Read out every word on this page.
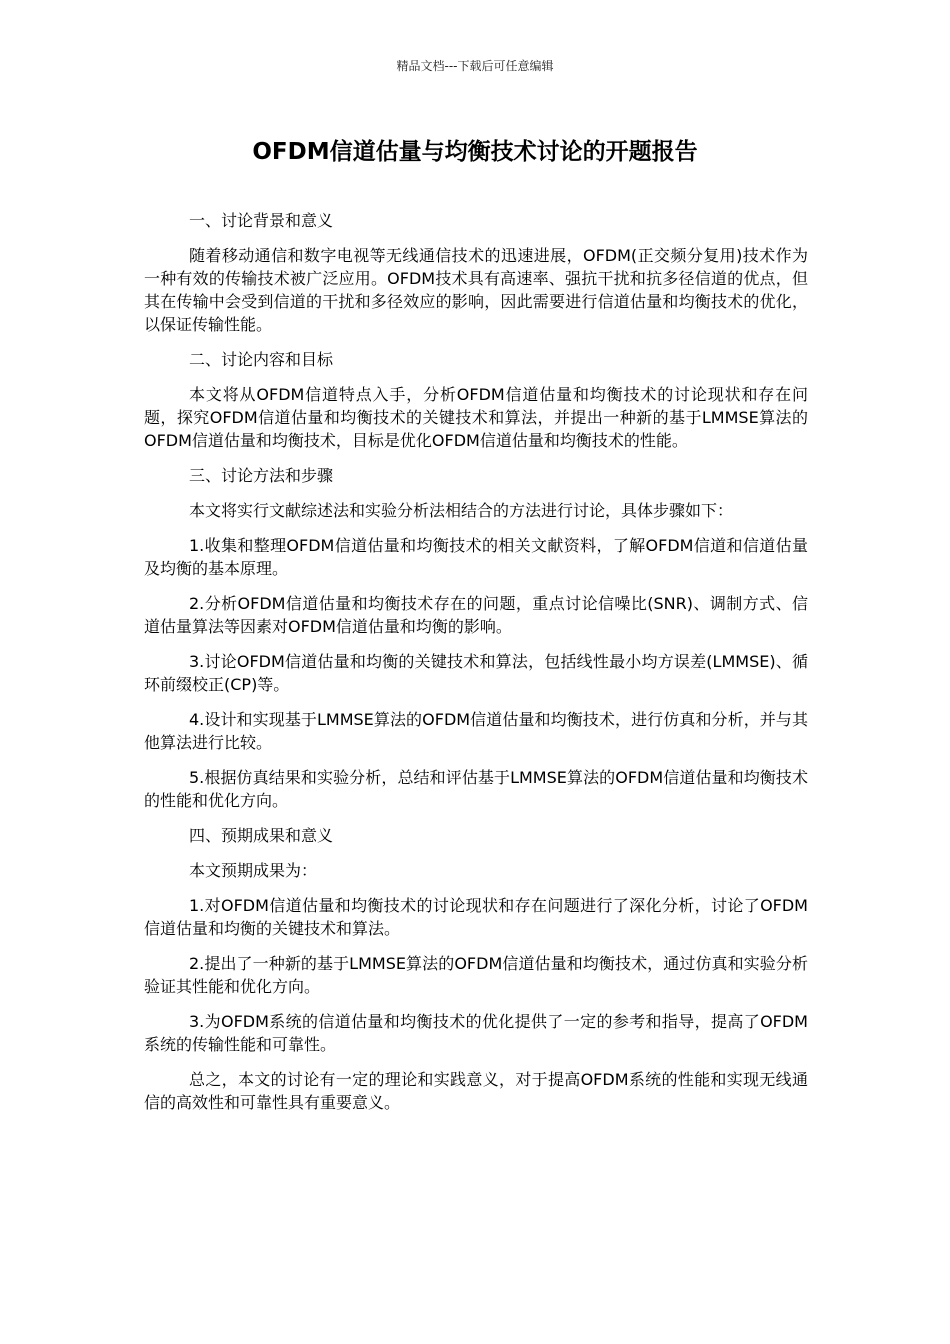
精品文档---下载后可任意编辑
OFDM信道估量与均衡技术讨论的开题报告

一、讨论背景和意义

随着移动通信和数字电视等无线通信技术的迅速进展，OFDM(正交频分复用)技术作为一种有效的传输技术被广泛应用。OFDM技术具有高速率、强抗干扰和抗多径信道的优点，但其在传输中会受到信道的干扰和多径效应的影响，因此需要进行信道估量和均衡技术的优化，以保证传输性能。

二、讨论内容和目标

本文将从OFDM信道特点入手，分析OFDM信道估量和均衡技术的讨论现状和存在问题，探究OFDM信道估量和均衡技术的关键技术和算法，并提出一种新的基于LMMSE算法的OFDM信道估量和均衡技术，目标是优化OFDM信道估量和均衡技术的性能。

三、讨论方法和步骤

本文将实行文献综述法和实验分析法相结合的方法进行讨论，具体步骤如下：

1.收集和整理OFDM信道估量和均衡技术的相关文献资料，了解OFDM信道和信道估量及均衡的基本原理。

2.分析OFDM信道估量和均衡技术存在的问题，重点讨论信噪比(SNR)、调制方式、信道估量算法等因素对OFDM信道估量和均衡的影响。

3.讨论OFDM信道估量和均衡的关键技术和算法，包括线性最小均方误差(LMMSE)、循环前缀校正(CP)等。

4.设计和实现基于LMMSE算法的OFDM信道估量和均衡技术，进行仿真和分析，并与其他算法进行比较。

5.根据仿真结果和实验分析，总结和评估基于LMMSE算法的OFDM信道估量和均衡技术的性能和优化方向。

四、预期成果和意义

本文预期成果为：

1.对OFDM信道估量和均衡技术的讨论现状和存在问题进行了深化分析，讨论了OFDM信道估量和均衡的关键技术和算法。

2.提出了一种新的基于LMMSE算法的OFDM信道估量和均衡技术，通过仿真和实验分析验证其性能和优化方向。

3.为OFDM系统的信道估量和均衡技术的优化提供了一定的参考和指导，提高了OFDM系统的传输性能和可靠性。

总之，本文的讨论有一定的理论和实践意义，对于提高OFDM系统的性能和实现无线通信的高效性和可靠性具有重要意义。
